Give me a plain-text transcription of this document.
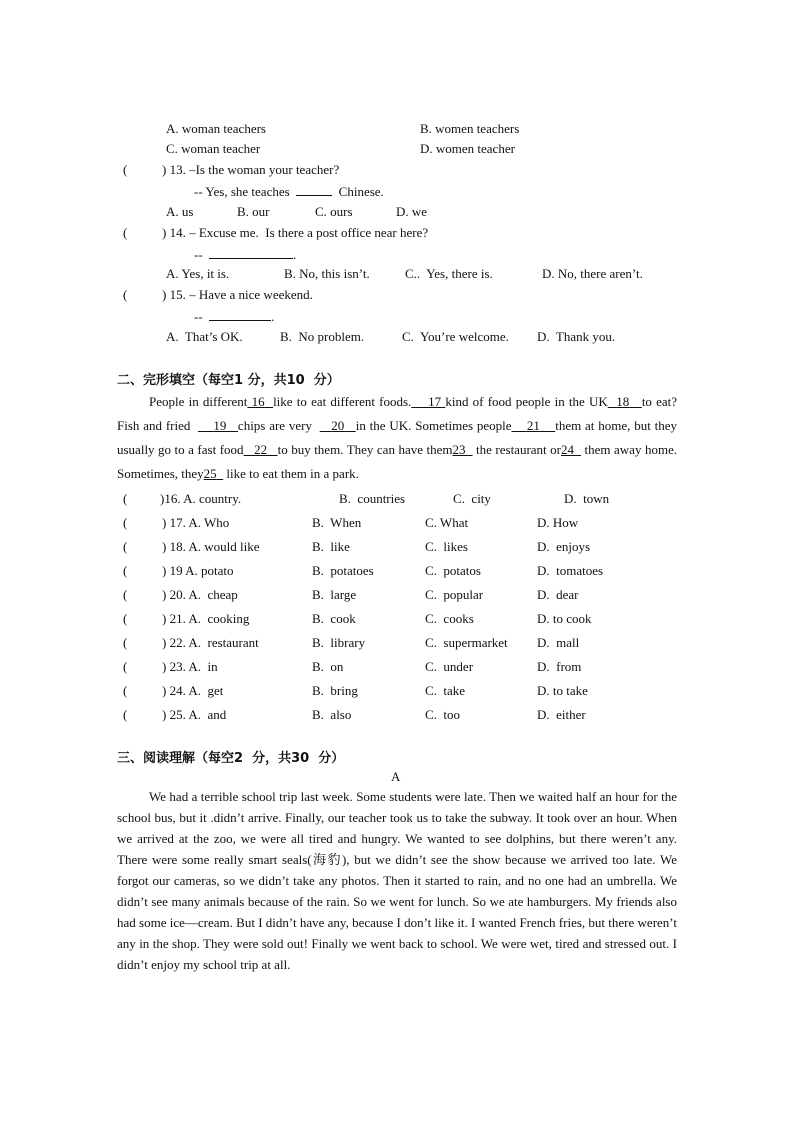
A. woman teachers	B. women teachers
C. woman teacher	D. women teacher
(	) 13. –Is the woman your teacher?
-- Yes, she teaches	Chinese.
A. us	B. our	C. ours	D. we
(	) 14. – Excuse me.  Is there a post office near here?
--	.
A. Yes, it is.	B. No, this isn’t.	C..  Yes, there is.	D. No, there aren’t.
(	) 15. – Have a nice weekend.
--	.
A.  That’s OK.	B.  No problem.	C.  You’re welcome. D.  Thank you.
二、完形填空（每空1 分，共10  分）
People in different 16 like to eat different foods. 17 kind of food people in the UK 18 to eat? Fish and fried 19 chips are very 20 in the UK. Sometimes people 21 them at home, but they usually go to a fast food 22 to buy them. They can have them23 the restaurant or24 them away home. Sometimes, they25 like to eat them in a park.
(	)16. A. country.	B.  countries	C.  city	D.  town
(	) 17. A. Who	B.  When	C. What	D. How
(	) 18. A. would like	B.  like	C.  likes	D.  enjoys
(	) 19 A. potato	B.  potatoes	C.  potatos	D.  tomatoes
(	) 20. A.  cheap	B.  large	C.  popular	D.  dear
(	) 21. A.  cooking	B.  cook	C.  cooks	D. to cook
(	) 22. A.  restaurant	B.  library	C.  supermarket D.  mall
(	) 23. A.  in	B.  on	C.  under	D.  from
(	) 24. A.  get	B.  bring	C.  take	D. to take
(	) 25. A.  and	B.  also	C.  too	D.  either
三、阅读理解（每空2  分，共30  分）
A
We had a terrible school trip last week. Some students were late. Then we waited half an hour for the school bus, but it .didn’t arrive. Finally, our teacher took us to take the subway. It took over an hour. When we arrived at the zoo, we were all tired and hungry. We wanted to see dolphins, but there weren’t any. There were some really smart seals(海豹), but we didn’t see the show because we arrived too late. We forgot our cameras, so we didn’t take any photos. Then it started to rain, and no one had an umbrella. We didn’t see many animals because of the rain. So we went for lunch. So we ate hamburgers. My friends also had some ice—cream. But I didn’t have any, because I don’t like it. I wanted French fries, but there weren’t any in the shop. They were sold out! Finally we went back to school. We were wet, tired and stressed out. I didn’t enjoy my school trip at all.
